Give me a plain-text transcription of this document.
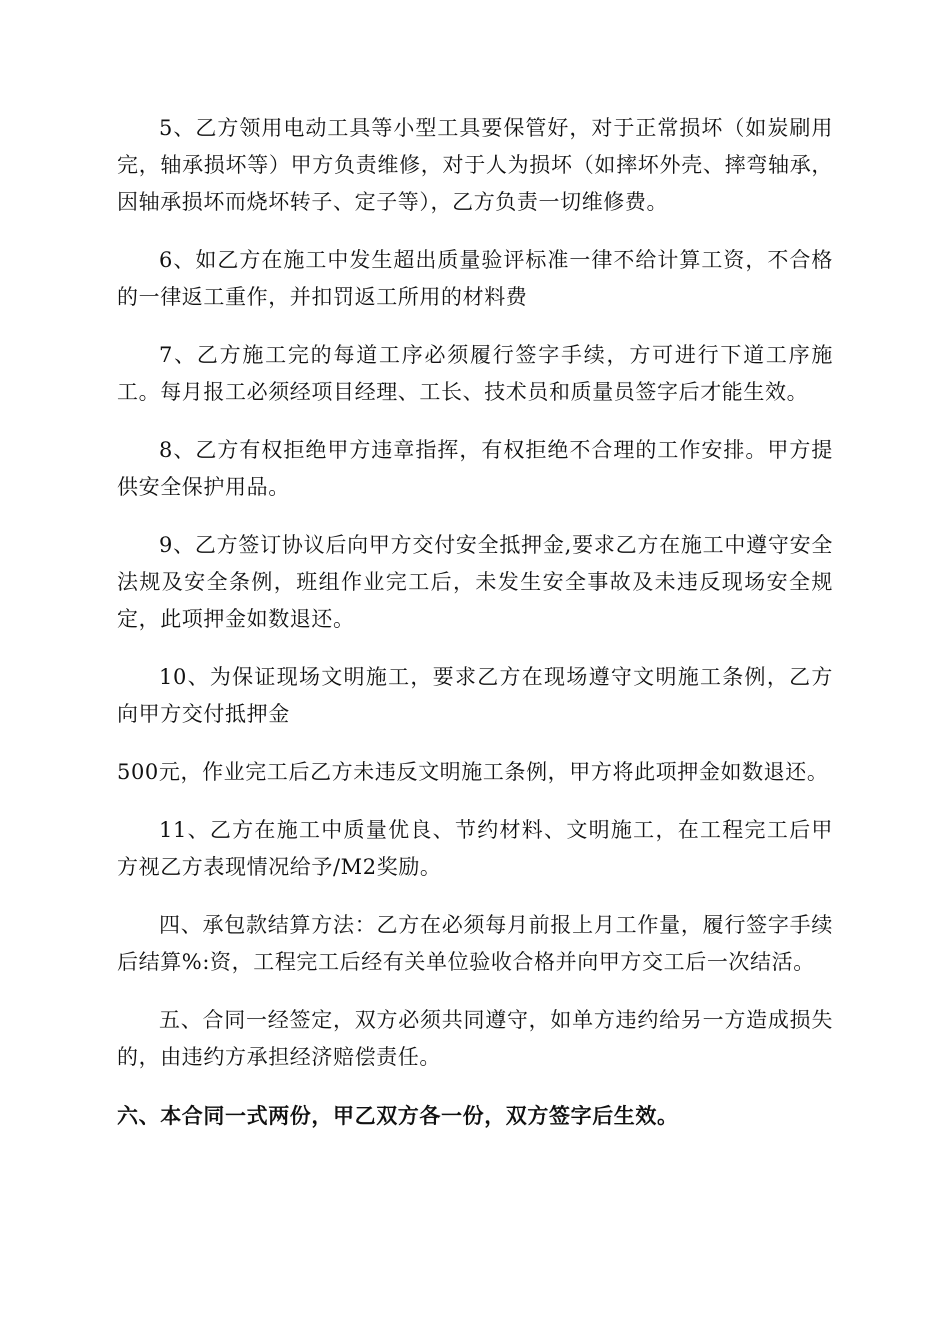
5、乙方领用电动工具等小型工具要保管好，对于正常损坏（如炭刷用完，轴承损坏等）甲方负责维修，对于人为损坏（如摔坏外壳、摔弯轴承，因轴承损坏而烧坏转子、定子等），乙方负责一切维修费。

6、如乙方在施工中发生超出质量验评标准一律不给计算工资，不合格的一律返工重作，并扣罚返工所用的材料费

7、乙方施工完的每道工序必须履行签字手续，方可进行下道工序施工。每月报工必须经项目经理、工长、技术员和质量员签字后才能生效。

8、乙方有权拒绝甲方违章指挥，有权拒绝不合理的工作安排。甲方提供安全保护用品。

9、乙方签订协议后向甲方交付安全抵押金,要求乙方在施工中遵守安全法规及安全条例，班组作业完工后，未发生安全事故及未违反现场安全规定，此项押金如数退还。

10、为保证现场文明施工，要求乙方在现场遵守文明施工条例，乙方向甲方交付抵押金

500元，作业完工后乙方未违反文明施工条例，甲方将此项押金如数退还。

11、乙方在施工中质量优良、节约材料、文明施工，在工程完工后甲方视乙方表现情况给予/M2奖励。

四、承包款结算方法：乙方在必须每月前报上月工作量，履行签字手续后结算%:资，工程完工后经有关单位验收合格并向甲方交工后一次结活。

五、合同一经签定，双方必须共同遵守，如单方违约给另一方造成损失的，由违约方承担经济赔偿责任。

六、本合同一式两份，甲乙双方各一份，双方签字后生效。
